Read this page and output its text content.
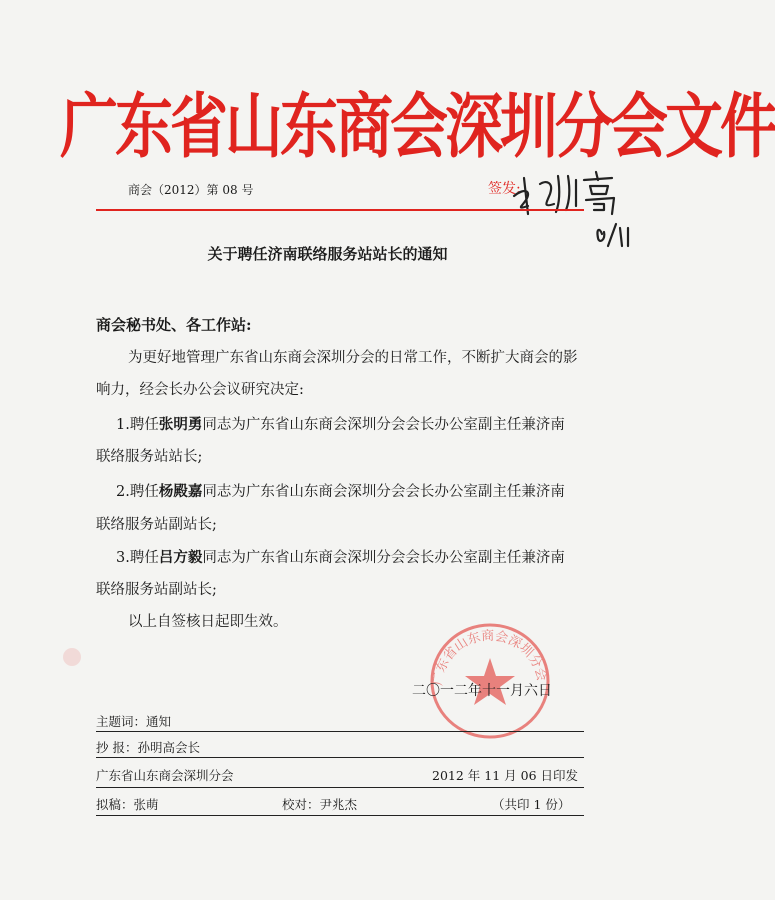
广东省山东商会深圳分会文件
商会（2012）第 08 号	签发:
关于聘任济南联络服务站站长的通知
商会秘书处、各工作站:
为更好地管理广东省山东商会深圳分会的日常工作，不断扩大商会的影
响力，经会长办公会议研究决定:
1.聘任张明勇同志为广东省山东商会深圳分会会长办公室副主任兼济南
联络服务站站长;
2.聘任杨殿嘉同志为广东省山东商会深圳分会会长办公室副主任兼济南
联络服务站副站长;
3.聘任吕方毅同志为广东省山东商会深圳分会会长办公室副主任兼济南
联络服务站副站长;
以上自签核日起即生效。
广东省山东商会深圳分会
二〇一二年十一月六日
主题词：通知
抄 报：孙明高会长
广东省山东商会深圳分会	2012 年 11 月 06 日印发
拟稿：张萌	校对：尹兆杰	（共印 1 份）
